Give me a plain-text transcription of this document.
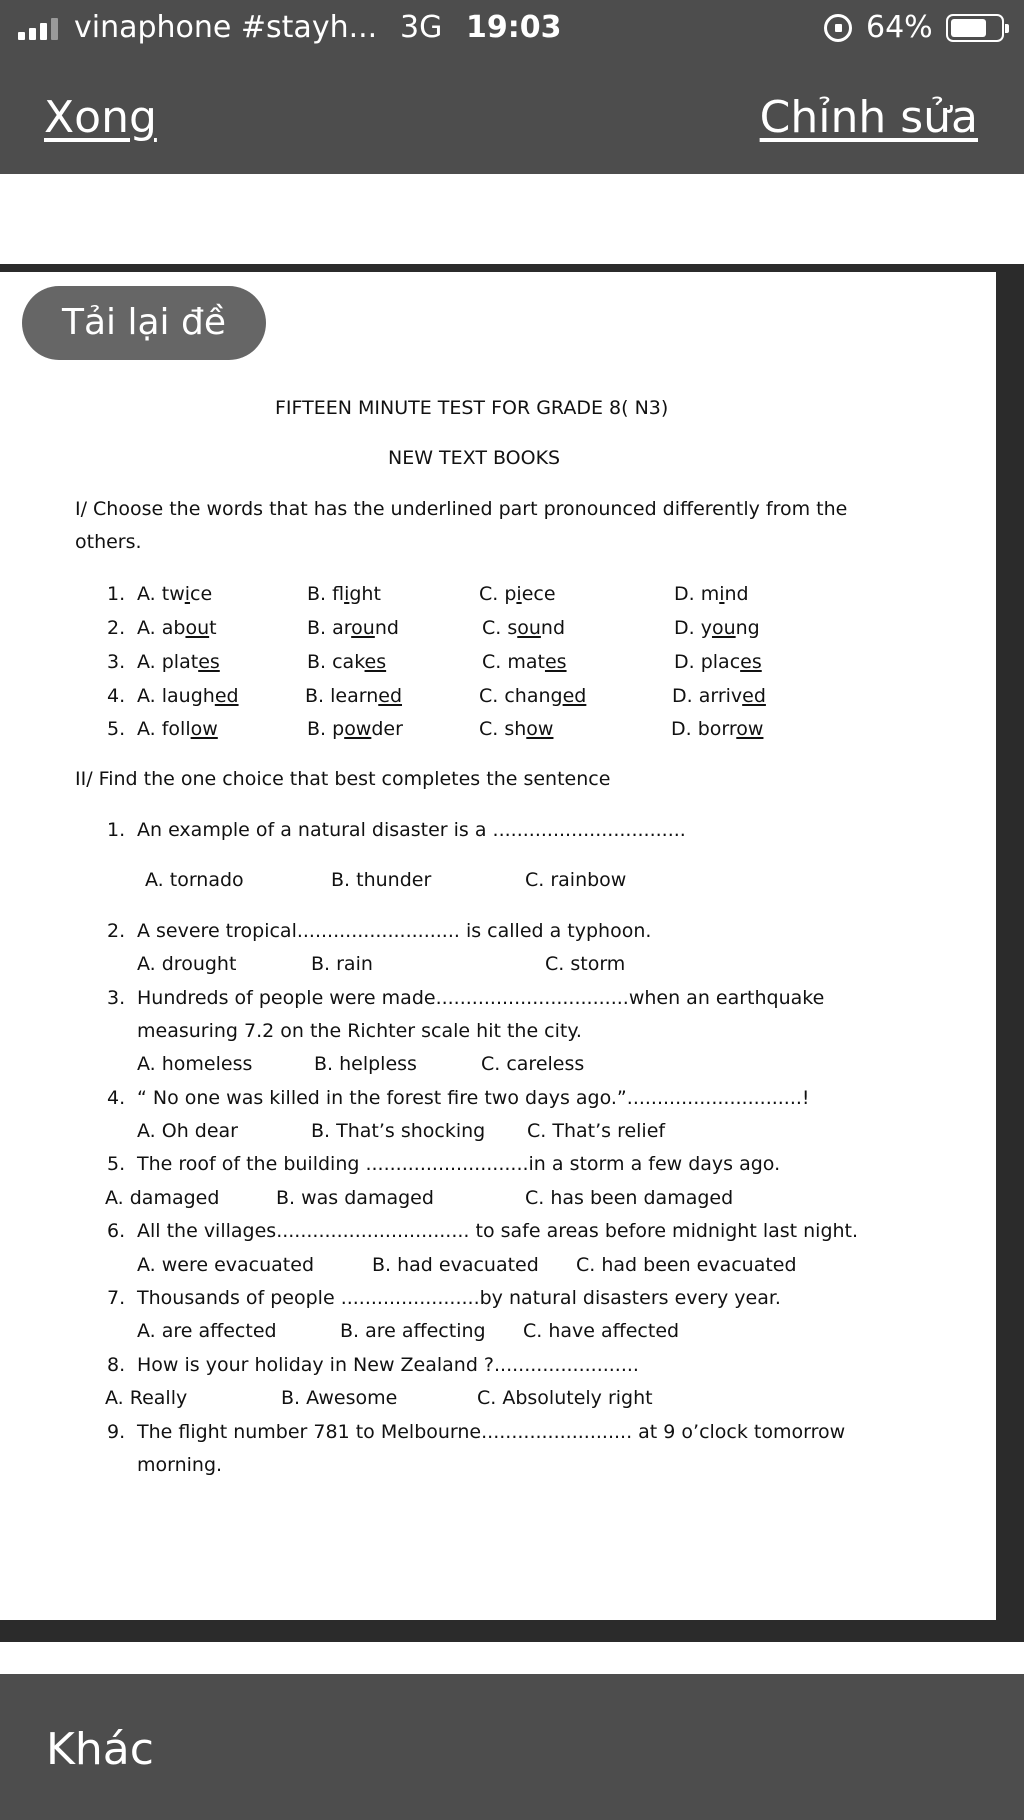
vinaphone #stayh... 3G 19:03	64%
Xong	Chỉnh sửa
Tải lại đề
FIFTEEN MINUTE TEST FOR GRADE 8( N3)
NEW TEXT BOOKS
I/ Choose the words that has the underlined part pronounced differently from the
others.
1. A. twice	B. flight	C. piece	D. mind
2. A. about	B. around	C. sound	D. young
3. A. plates	B. cakes	C. mates	D. places
4. A. laughed	B. learned	C. changed	D. arrived
5. A. follow	B. powder	C. show	D. borrow
II/ Find the one choice that best completes the sentence
1. An example of a natural disaster is a ................................
A. tornado	B. thunder	C. rainbow
2. A severe tropical........................... is called a typhoon.
A. drought	B. rain	C. storm
3. Hundreds of people were made................................when an earthquake
measuring 7.2 on the Richter scale hit the city.
A. homeless	B. helpless	C. careless
4. “ No one was killed in the forest fire two days ago.”.............................!
A. Oh dear	B. That’s shocking C. That’s relief
5. The roof of the building ...........................in a storm a few days ago.
A. damaged	B. was damaged	C. has been damaged
6. All the villages................................ to safe areas before midnight last night.
A. were evacuated	B. had evacuated C. had been evacuated
7. Thousands of people .......................by natural disasters every year.
A. are affected	B. are affecting C. have affected
8. How is your holiday in New Zealand ?........................
A. Really	B. Awesome	C. Absolutely right
9. The flight number 781 to Melbourne......................... at 9 o’clock tomorrow
morning.
Khác
